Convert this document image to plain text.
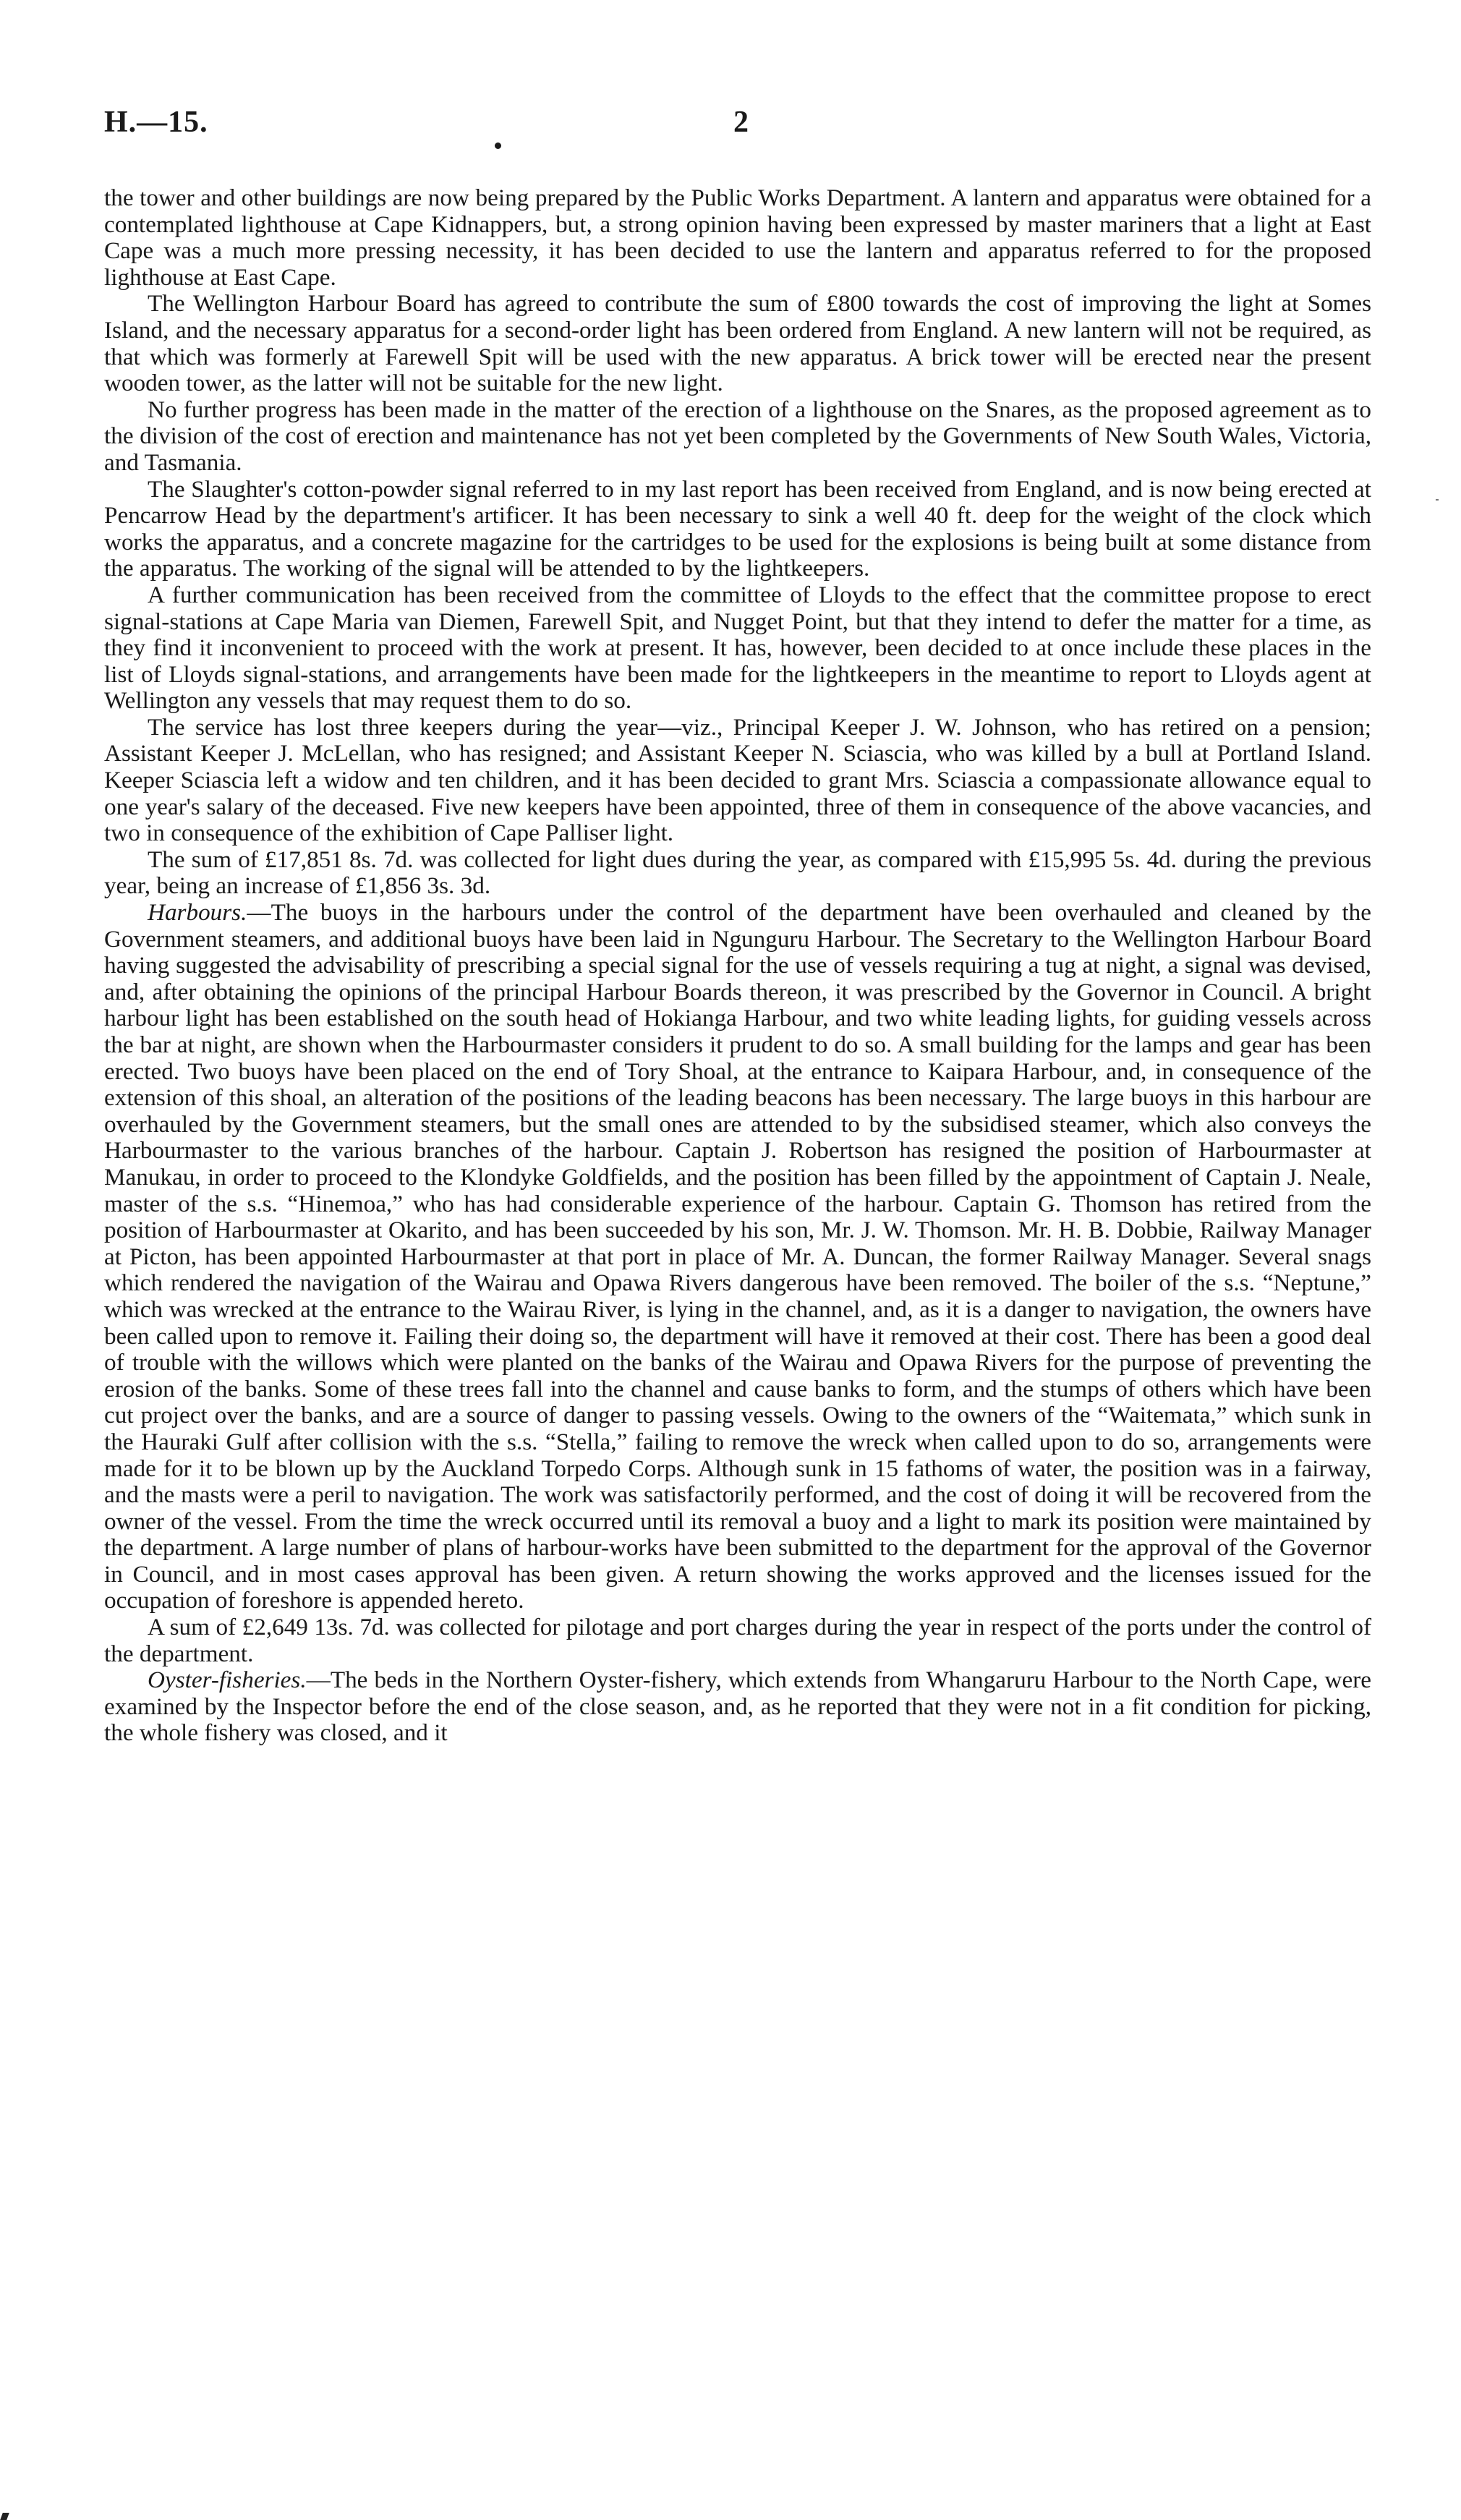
H.—15.	2

the tower and other buildings are now being prepared by the Public Works Department. A lantern and apparatus were obtained for a contemplated lighthouse at Cape Kidnappers, but, a strong opinion having been expressed by master mariners that a light at East Cape was a much more pressing necessity, it has been decided to use the lantern and apparatus referred to for the proposed lighthouse at East Cape.

The Wellington Harbour Board has agreed to contribute the sum of £800 towards the cost of improving the light at Somes Island, and the necessary apparatus for a second-order light has been ordered from England. A new lantern will not be required, as that which was formerly at Farewell Spit will be used with the new apparatus. A brick tower will be erected near the present wooden tower, as the latter will not be suitable for the new light.

No further progress has been made in the matter of the erection of a lighthouse on the Snares, as the proposed agreement as to the division of the cost of erection and maintenance has not yet been completed by the Governments of New South Wales, Victoria, and Tasmania.

The Slaughter's cotton-powder signal referred to in my last report has been received from England, and is now being erected at Pencarrow Head by the department's artificer. It has been necessary to sink a well 40 ft. deep for the weight of the clock which works the apparatus, and a concrete magazine for the cartridges to be used for the explosions is being built at some distance from the apparatus. The working of the signal will be attended to by the lightkeepers.

A further communication has been received from the committee of Lloyds to the effect that the committee propose to erect signal-stations at Cape Maria van Diemen, Farewell Spit, and Nugget Point, but that they intend to defer the matter for a time, as they find it inconvenient to proceed with the work at present. It has, however, been decided to at once include these places in the list of Lloyds signal-stations, and arrangements have been made for the lightkeepers in the meantime to report to Lloyds agent at Wellington any vessels that may request them to do so.

The service has lost three keepers during the year—viz., Principal Keeper J. W. Johnson, who has retired on a pension; Assistant Keeper J. McLellan, who has resigned; and Assistant Keeper N. Sciascia, who was killed by a bull at Portland Island. Keeper Sciascia left a widow and ten children, and it has been decided to grant Mrs. Sciascia a compassionate allowance equal to one year's salary of the deceased. Five new keepers have been appointed, three of them in consequence of the above vacancies, and two in consequence of the exhibition of Cape Palliser light.

The sum of £17,851 8s. 7d. was collected for light dues during the year, as compared with £15,995 5s. 4d. during the previous year, being an increase of £1,856 3s. 3d.

Harbours.—The buoys in the harbours under the control of the department have been overhauled and cleaned by the Government steamers, and additional buoys have been laid in Ngunguru Harbour. The Secretary to the Wellington Harbour Board having suggested the advisability of prescribing a special signal for the use of vessels requiring a tug at night, a signal was devised, and, after obtaining the opinions of the principal Harbour Boards thereon, it was prescribed by the Governor in Council. A bright harbour light has been established on the south head of Hokianga Harbour, and two white leading lights, for guiding vessels across the bar at night, are shown when the Harbourmaster considers it prudent to do so. A small building for the lamps and gear has been erected. Two buoys have been placed on the end of Tory Shoal, at the entrance to Kaipara Harbour, and, in consequence of the extension of this shoal, an alteration of the positions of the leading beacons has been necessary. The large buoys in this harbour are overhauled by the Government steamers, but the small ones are attended to by the subsidised steamer, which also conveys the Harbourmaster to the various branches of the harbour. Captain J. Robertson has resigned the position of Harbourmaster at Manukau, in order to proceed to the Klondyke Goldfields, and the position has been filled by the appointment of Captain J. Neale, master of the s.s. “Hinemoa,” who has had considerable experience of the harbour. Captain G. Thomson has retired from the position of Harbourmaster at Okarito, and has been succeeded by his son, Mr. J. W. Thomson. Mr. H. B. Dobbie, Railway Manager at Picton, has been appointed Harbourmaster at that port in place of Mr. A. Duncan, the former Railway Manager. Several snags which rendered the navigation of the Wairau and Opawa Rivers dangerous have been removed. The boiler of the s.s. “Neptune,” which was wrecked at the entrance to the Wairau River, is lying in the channel, and, as it is a danger to navigation, the owners have been called upon to remove it. Failing their doing so, the department will have it removed at their cost. There has been a good deal of trouble with the willows which were planted on the banks of the Wairau and Opawa Rivers for the purpose of preventing the erosion of the banks. Some of these trees fall into the channel and cause banks to form, and the stumps of others which have been cut project over the banks, and are a source of danger to passing vessels. Owing to the owners of the “Waitemata,” which sunk in the Hauraki Gulf after collision with the s.s. “Stella,” failing to remove the wreck when called upon to do so, arrangements were made for it to be blown up by the Auckland Torpedo Corps. Although sunk in 15 fathoms of water, the position was in a fairway, and the masts were a peril to navigation. The work was satisfactorily performed, and the cost of doing it will be recovered from the owner of the vessel. From the time the wreck occurred until its removal a buoy and a light to mark its position were maintained by the department. A large number of plans of harbour-works have been submitted to the department for the approval of the Governor in Council, and in most cases approval has been given. A return showing the works approved and the licenses issued for the occupation of foreshore is appended hereto.

A sum of £2,649 13s. 7d. was collected for pilotage and port charges during the year in respect of the ports under the control of the department.

Oyster-fisheries.—The beds in the Northern Oyster-fishery, which extends from Whangaruru Harbour to the North Cape, were examined by the Inspector before the end of the close season, and, as he reported that they were not in a fit condition for picking, the whole fishery was closed, and it
